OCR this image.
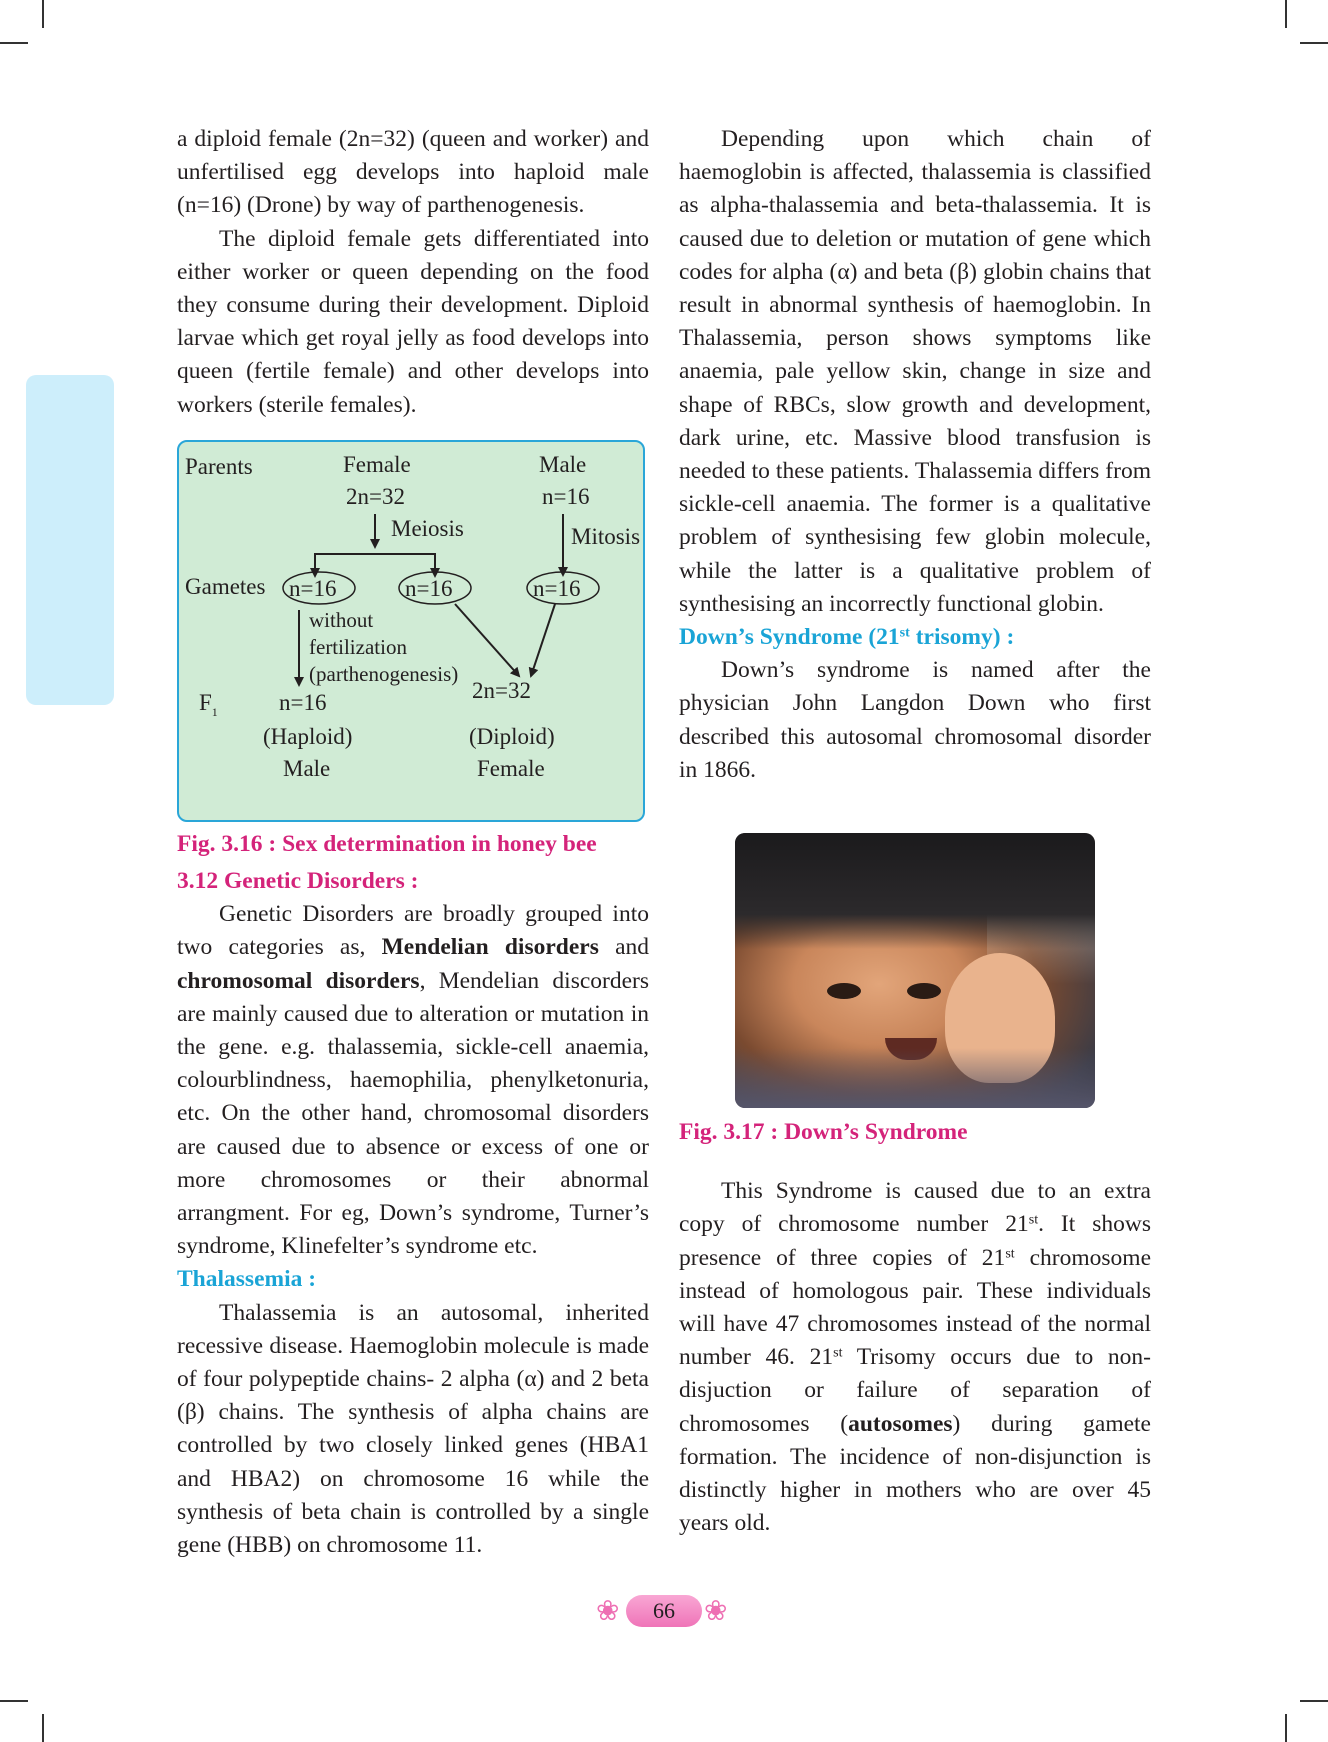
a diploid female (2n=32) (queen and worker) and unfertilised egg develops into haploid male (n=16) (Drone) by way of parthenogenesis.

The diploid female gets differentiated into either worker or queen depending on the food they consume during their development. Diploid larvae which get royal jelly as food develops into queen (fertile female) and other develops into workers (sterile females).

Parents	Female
2n=32
Male
n=16
Meiosis	Mitosis
Gametes n=16	n=16	n=16
without
fertilization
(parthenogenesis)
$F_1$	n=16	2n=32
(Haploid)
Male
(Diploid)
Female

Fig. 3.16 : Sex determination in honey bee

3.12 Genetic Disorders :

Genetic Disorders are broadly grouped into two categories as, Mendelian disorders and chromosomal disorders, Mendelian discorders are mainly caused due to alteration or mutation in the gene. e.g. thalassemia, sickle-cell anaemia, colourblindness, haemophilia, phenylketonuria, etc. On the other hand, chromosomal disorders are caused due to absence or excess of one or more chromosomes or their abnormal arrangment. For eg, Down’s syndrome, Turner’s syndrome, Klinefelter’s syndrome etc.

Thalassemia :

Thalassemia is an autosomal, inherited recessive disease. Haemoglobin molecule is made of four polypeptide chains- 2 alpha (α) and 2 beta (β) chains. The synthesis of alpha chains are controlled by two closely linked genes (HBA1 and HBA2) on chromosome 16 while the synthesis of beta chain is controlled by a single gene (HBB) on chromosome 11.

Depending upon which chain of haemoglobin is affected, thalassemia is classified as alpha-thalassemia and beta-thalassemia. It is caused due to deletion or mutation of gene which codes for alpha (α) and beta (β) globin chains that result in abnormal synthesis of haemoglobin. In Thalassemia, person shows symptoms like anaemia, pale yellow skin, change in size and shape of RBCs, slow growth and development, dark urine, etc. Massive blood transfusion is needed to these patients. Thalassemia differs from sickle-cell anaemia. The former is a qualitative problem of synthesising few globin molecule, while the latter is a qualitative problem of synthesising an incorrectly functional globin.

Down’s Syndrome (21st trisomy) :

Down’s syndrome is named after the physician John Langdon Down who first described this autosomal chromosomal disorder in 1866.

Fig. 3.17 : Down’s Syndrome

This Syndrome is caused due to an extra copy of chromosome number 21st. It shows presence of three copies of 21st chromosome instead of homologous pair. These individuals will have 47 chromosomes instead of the normal number 46. 21st Trisomy occurs due to non-disjuction or failure of separation of chromosomes (autosomes) during gamete formation. The incidence of non-disjunction is distinctly higher in mothers who are over 45 years old.

❀	66	❀
